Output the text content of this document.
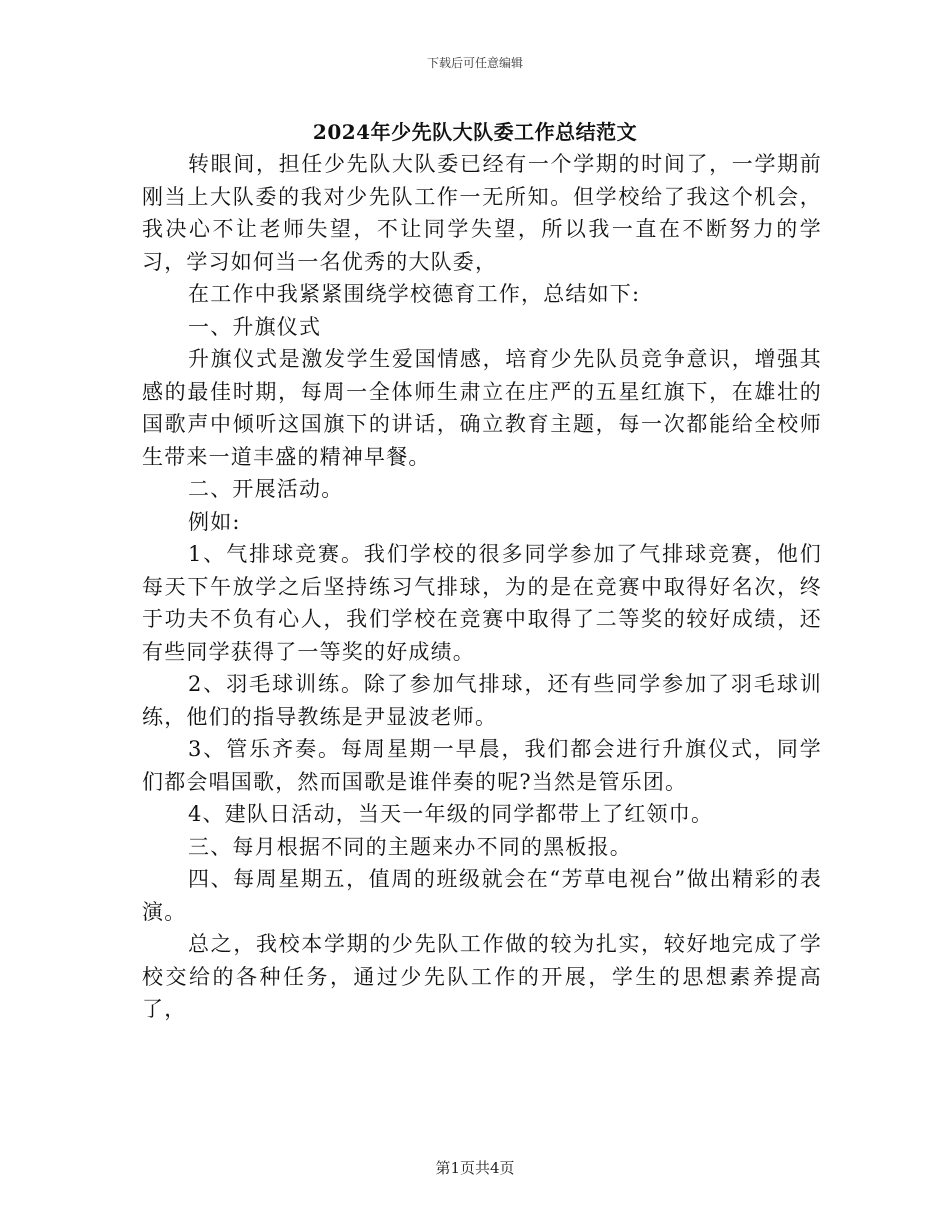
下载后可任意编辑
2024年少先队大队委工作总结范文

转眼间，担任少先队大队委已经有一个学期的时间了，一学期前刚当上大队委的我对少先队工作一无所知。但学校给了我这个机会，我决心不让老师失望，不让同学失望，所以我一直在不断努力的学习，学习如何当一名优秀的大队委，

在工作中我紧紧围绕学校德育工作，总结如下:

一、升旗仪式

升旗仪式是激发学生爱国情感，培育少先队员竞争意识，增强其感的最佳时期，每周一全体师生肃立在庄严的五星红旗下，在雄壮的国歌声中倾听这国旗下的讲话，确立教育主题，每一次都能给全校师生带来一道丰盛的精神早餐。

二、开展活动。

例如:

1、气排球竞赛。我们学校的很多同学参加了气排球竞赛，他们每天下午放学之后坚持练习气排球，为的是在竞赛中取得好名次，终于功夫不负有心人，我们学校在竞赛中取得了二等奖的较好成绩，还有些同学获得了一等奖的好成绩。

2、羽毛球训练。除了参加气排球，还有些同学参加了羽毛球训练，他们的指导教练是尹显波老师。

3、管乐齐奏。每周星期一早晨，我们都会进行升旗仪式，同学们都会唱国歌，然而国歌是谁伴奏的呢?当然是管乐团。

4、建队日活动，当天一年级的同学都带上了红领巾。

三、每月根据不同的主题来办不同的黑板报。

四、每周星期五，值周的班级就会在“芳草电视台”做出精彩的表演。

总之，我校本学期的少先队工作做的较为扎实，较好地完成了学校交给的各种任务，通过少先队工作的开展，学生的思想素养提高了，

第1页共4页
